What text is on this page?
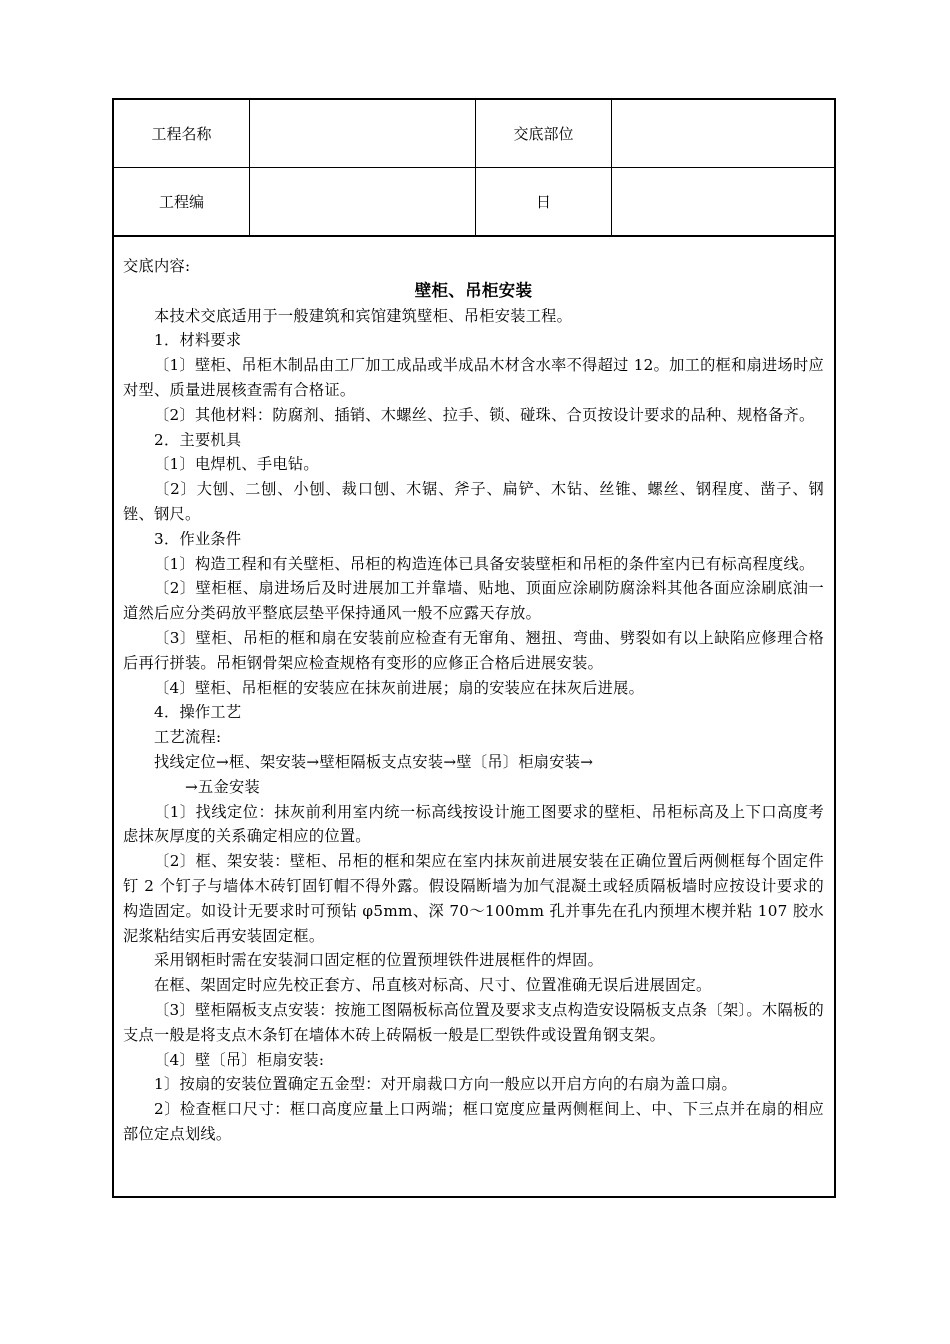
工程名称	交底部位
工程编	日

交底内容:

壁柜、吊柜安装

本技术交底适用于一般建筑和宾馆建筑壁柜、吊柜安装工程。

1．材料要求

〔1〕壁柜、吊柜木制品由工厂加工成品或半成品木材含水率不得超过 12。加工的框和扇进场时应对型、质量进展核查需有合格证。

〔2〕其他材料：防腐剂、插销、木螺丝、拉手、锁、碰珠、合页按设计要求的品种、规格备齐。

2．主要机具

〔1〕电焊机、手电钻。

〔2〕大刨、二刨、小刨、裁口刨、木锯、斧子、扁铲、木钻、丝锥、螺丝、钢程度、凿子、钢锉、钢尺。

3．作业条件

〔1〕构造工程和有关壁柜、吊柜的构造连体已具备安装壁柜和吊柜的条件室内已有标高程度线。

〔2〕壁柜框、扇进场后及时进展加工并靠墙、贴地、顶面应涂刷防腐涂料其他各面应涂刷底油一道然后应分类码放平整底层垫平保持通风一般不应露天存放。

〔3〕壁柜、吊柜的框和扇在安装前应检查有无窜角、翘扭、弯曲、劈裂如有以上缺陷应修理合格后再行拼装。吊柜钢骨架应检查规格有变形的应修正合格后进展安装。

〔4〕壁柜、吊柜框的安装应在抹灰前进展；扇的安装应在抹灰后进展。

4．操作工艺

工艺流程:

找线定位→框、架安装→壁柜隔板支点安装→壁〔吊〕柜扇安装→

→五金安装

〔1〕找线定位：抹灰前利用室内统一标高线按设计施工图要求的壁柜、吊柜标高及上下口高度考虑抹灰厚度的关系确定相应的位置。

〔2〕框、架安装：壁柜、吊柜的框和架应在室内抹灰前进展安装在正确位置后两侧框每个固定件钉 2 个钉子与墙体木砖钉固钉帽不得外露。假设隔断墙为加气混凝土或轻质隔板墙时应按设计要求的构造固定。如设计无要求时可预钻 φ5mm、深 70～100mm 孔并事先在孔内预埋木楔并粘 107 胶水泥浆粘结实后再安装固定框。

采用钢柜时需在安装洞口固定框的位置预埋铁件进展框件的焊固。

在框、架固定时应先校正套方、吊直核对标高、尺寸、位置准确无误后进展固定。

〔3〕壁柜隔板支点安装：按施工图隔板标高位置及要求支点构造安设隔板支点条〔架〕。木隔板的支点一般是将支点木条钉在墙体木砖上砖隔板一般是匚型铁件或设置角钢支架。

〔4〕壁〔吊〕柜扇安装:

1〕按扇的安装位置确定五金型：对开扇裁口方向一般应以开启方向的右扇为盖口扇。

2〕检查框口尺寸：框口高度应量上口两端；框口宽度应量两侧框间上、中、下三点并在扇的相应部位定点划线。
